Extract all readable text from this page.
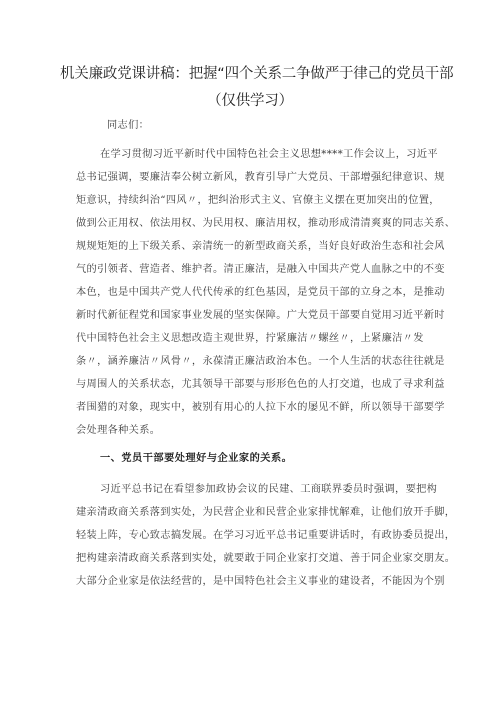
机关廉政党课讲稿：把握“四个关系二争做严于律己的党员干部
（仅供学习）
同志们：
在学习贯彻习近平新时代中国特色社会主义思想****工作会议上，习近平
总书记强调，要廉洁奉公树立新风，教育引导广大党员、干部增强纪律意识、规
矩意识，持续纠治“四风〃，把纠治形式主义、官僚主义摆在更加突出的位置，
做到公正用权、依法用权、为民用权、廉洁用权，推动形成清清爽爽的同志关系、
规规矩矩的上下级关系、亲清统一的新型政商关系，当好良好政治生态和社会风
气的引领者、营造者、维护者。清正廉洁，是融入中国共产党人血脉之中的不变
本色，也是中国共产党人代代传承的红色基因，是党员干部的立身之本，是推动
新时代新征程党和国家事业发展的坚实保障。广大党员干部要自觉用习近平新时
代中国特色社会主义思想改造主观世界，拧紧廉洁〃螺丝〃，上紧廉洁〃发
条〃，涵养廉洁〃风骨〃，永葆清正廉洁政治本色。一个人生活的状态往往就是
与周围人的关系状态，尤其领导干部要与形形色色的人打交道，也成了寻求利益
者围猎的对象，现实中，被别有用心的人拉下水的屡见不鲜，所以领导干部要学
会处理各种关系。
一、党员干部要处理好与企业家的关系。
习近平总书记在看望参加政协会议的民建、工商联界委员时强调，要把构
建亲清政商关系落到实处，为民营企业和民营企业家排忧解难，让他们放开手脚，
轻装上阵，专心致志搞发展。在学习习近平总书记重要讲话时，有政协委员提出，
把构建亲清政商关系落到实处，就要敢于同企业家打交道、善于同企业家交朋友。
大部分企业家是依法经营的，是中国特色社会主义事业的建设者，不能因为个别
